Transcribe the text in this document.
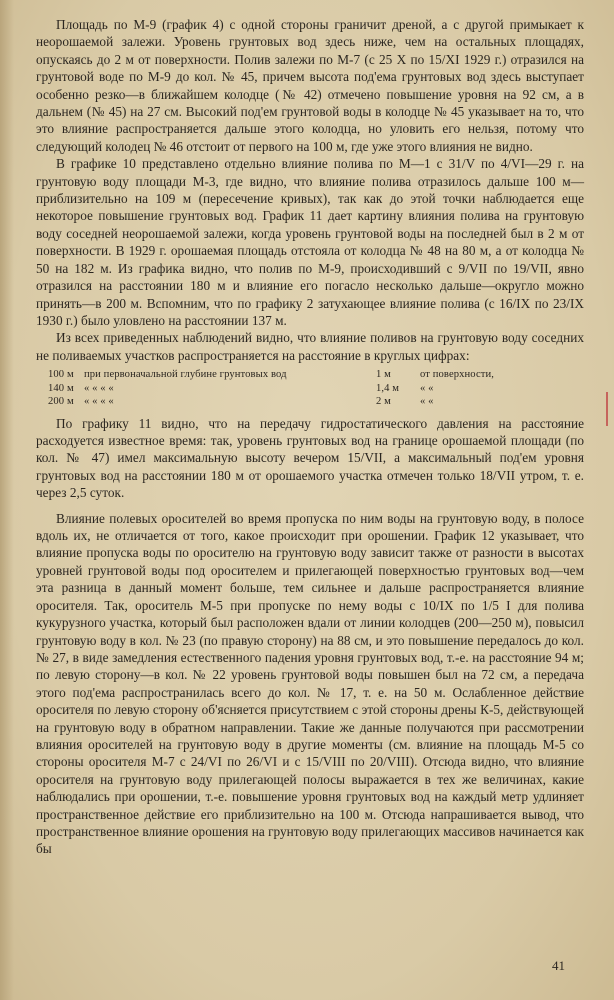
Площадь по М-9 (график 4) с одной стороны граничит дреной, а с другой примыкает к неорошаемой залежи. Уровень грунтовых вод здесь ниже, чем на остальных площадях, опускаясь до 2 м от поверхности. Полив залежи по М-7 (с 25 X по 15/XI 1929 г.) отразился на грунтовой воде по М-9 до кол. № 45, причем высота под'ема грунтовых вод здесь выступает особенно резко—в ближайшем колодце (№ 42) отмечено повышение уровня на 92 см, а в дальнем (№ 45) на 27 см. Высокий под'ем грунтовой воды в колодце № 45 указывает на то, что это влияние распространяется дальше этого колодца, но уловить его нельзя, потому что следующий колодец № 46 отстоит от первого на 100 м, где уже этого влияния не видно.

В графике 10 представлено отдельно влияние полива по М—1 с 31/V по 4/VI—29 г. на грунтовую воду площади М-3, где видно, что влияние полива отразилось дальше 100 м—приблизительно на 109 м (пересечение кривых), так как до этой точки наблюдается еще некоторое повышение грунтовых вод. График 11 дает картину влияния полива на грунтовую воду соседней неорошаемой залежи, когда уровень грунтовой воды на последней был в 2 м от поверхности. В 1929 г. орошаемая площадь отстояла от колодца № 48 на 80 м, а от колодца № 50 на 182 м. Из графика видно, что полив по М-9, происходивший с 9/VII по 19/VII, явно отразился на расстоянии 180 м и влияние его погасло несколько дальше—округло можно принять—в 200 м. Вспомним, что по графику 2 затухающее влияние полива (с 16/IX по 23/IX 1930 г.) было уловлено на расстоянии 137 м.

Из всех приведенных наблюдений видно, что влияние поливов на грунтовую воду соседних не поливаемых участков распространяется на расстояние в круглых цифрах:

100 м при первоначальной глубине грунтовых вод	1 м	от поверхности,
140 м « « « «	1,4 м	« «
200 м « « « «	2 м	« «

По графику 11 видно, что на передачу гидростатического давления на расстояние расходуется известное время: так, уровень грунтовых вод на границе орошаемой площади (по кол. № 47) имел максимальную высоту вечером 15/VII, а максимальный под'ем уровня грунтовых вод на расстоянии 180 м от орошаемого участка отмечен только 18/VII утром, т. е. через 2,5 суток.

Влияние полевых оросителей во время пропуска по ним воды на грунтовую воду, в полосе вдоль их, не отличается от того, какое происходит при орошении. График 12 указывает, что влияние пропуска воды по оросителю на грунтовую воду зависит также от разности в высотах уровней грунтовой воды под оросителем и прилегающей поверхностью грунтовых вод—чем эта разница в данный момент больше, тем сильнее и дальше распространяется влияние оросителя. Так, ороситель М-5 при пропуске по нему воды с 10/IX по 1/5 I для полива кукурузного участка, который был расположен вдали от линии колодцев (200—250 м), повысил грунтовую воду в кол. № 23 (по правую сторону) на 88 см, и это повышение передалось до кол. № 27, в виде замедления естественного падения уровня грунтовых вод, т.-е. на расстояние 94 м; по левую сторону—в кол. № 22 уровень грунтовой воды повышен был на 72 см, а передача этого под'ема распространилась всего до кол. № 17, т. е. на 50 м. Ослабленное действие оросителя по левую сторону об'ясняется присутствием с этой стороны дрены К-5, действующей на грунтовую воду в обратном направлении. Такие же данные получаются при рассмотрении влияния оросителей на грунтовую воду в другие моменты (см. влияние на площадь М-5 со стороны оросителя М-7 с 24/VI по 26/VI и с 15/VIII по 20/VIII). Отсюда видно, что влияние оросителя на грунтовую воду прилегающей полосы выражается в тех же величинах, какие наблюдались при орошении, т.-е. повышение уровня грунтовых вод на каждый метр удлиняет пространственное действие его приблизительно на 100 м. Отсюда напрашивается вывод, что пространственное влияние орошения на грунтовую воду прилегающих массивов начинается как бы

41
